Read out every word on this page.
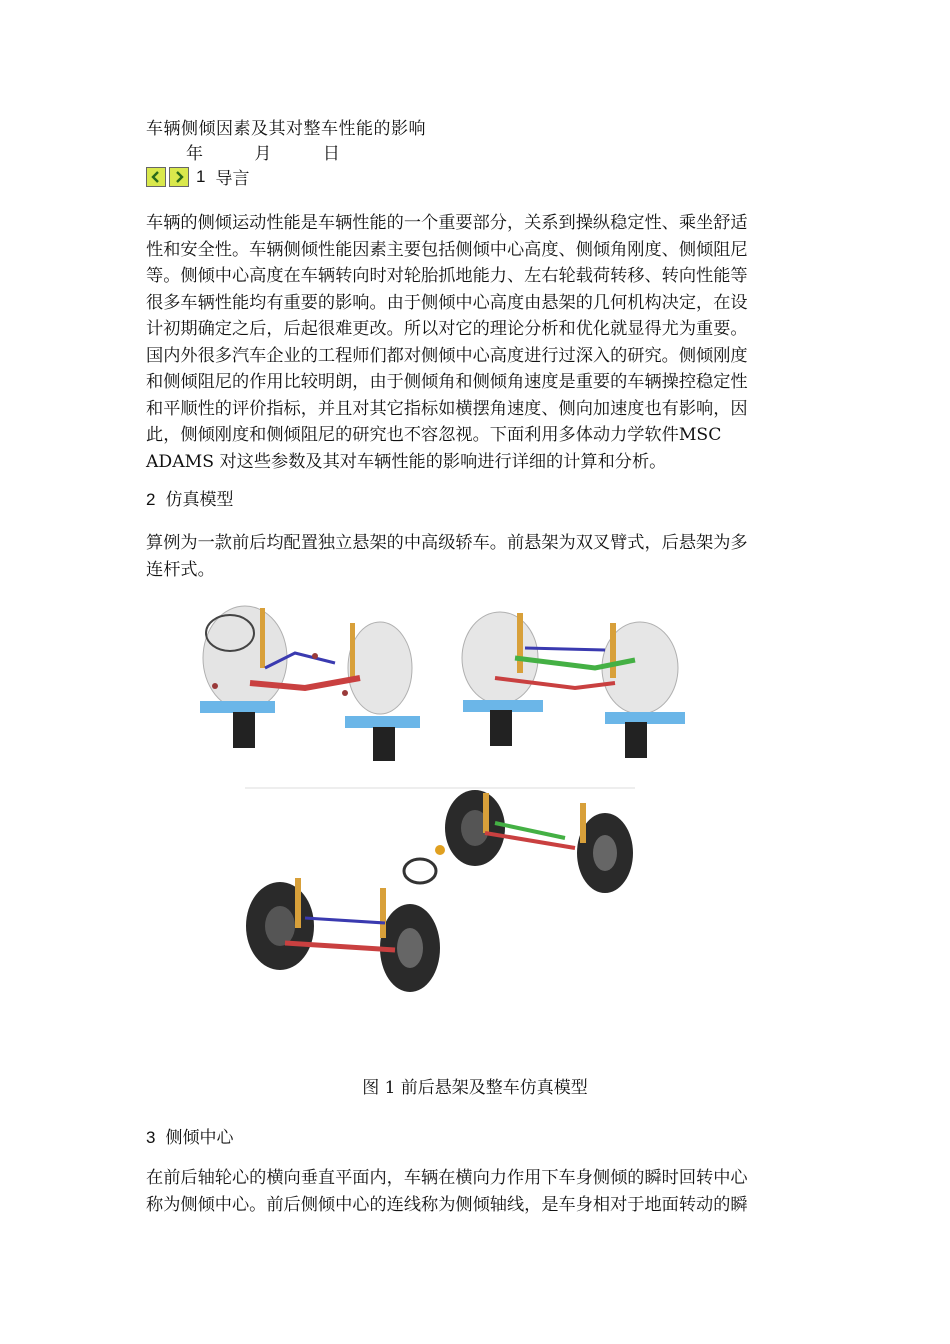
车辆侧倾因素及其对整车性能的影响
年	月	日
1 导言
车辆的侧倾运动性能是车辆性能的一个重要部分，关系到操纵稳定性、乘坐舒适
性和安全性。车辆侧倾性能因素主要包括侧倾中心高度、侧倾角刚度、侧倾阻尼
等。侧倾中心高度在车辆转向时对轮胎抓地能力、左右轮载荷转移、转向性能等
很多车辆性能均有重要的影响。由于侧倾中心高度由悬架的几何机构决定，在设
计初期确定之后，后起很难更改。所以对它的理论分析和优化就显得尤为重要。
国内外很多汽车企业的工程师们都对侧倾中心高度进行过深入的研究。侧倾刚度
和侧倾阻尼的作用比较明朗，由于侧倾角和侧倾角速度是重要的车辆操控稳定性
和平顺性的评价指标，并且对其它指标如横摆角速度、侧向加速度也有影响，因
此，侧倾刚度和侧倾阻尼的研究也不容忽视。下面利用多体动力学软件MSC
ADAMS 对这些参数及其对车辆性能的影响进行详细的计算和分析。
2 仿真模型
算例为一款前后均配置独立悬架的中高级轿车。前悬架为双叉臂式，后悬架为多
连杆式。
图 1 前后悬架及整车仿真模型
3 侧倾中心
在前后轴轮心的横向垂直平面内，车辆在横向力作用下车身侧倾的瞬时回转中心
称为侧倾中心。前后侧倾中心的连线称为侧倾轴线，是车身相对于地面转动的瞬
